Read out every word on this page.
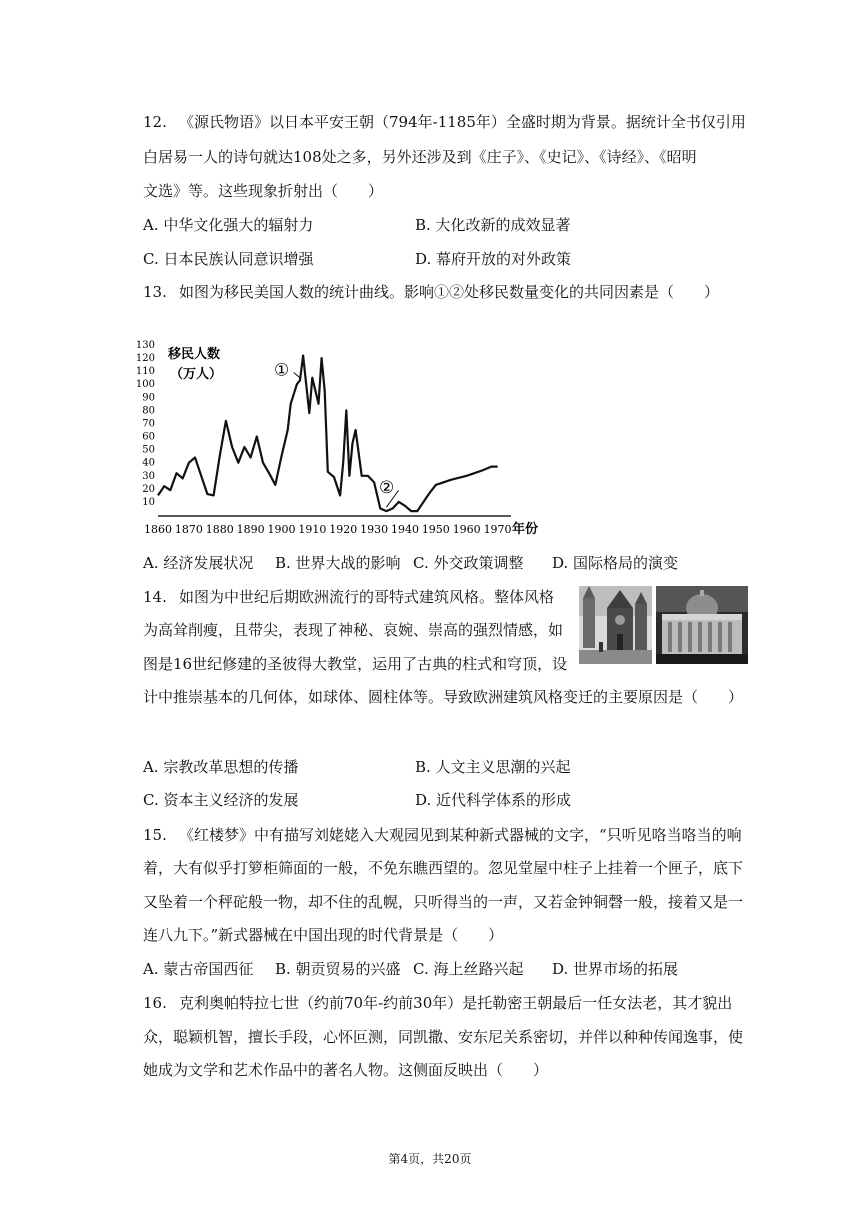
12. 《源氏物语》以日本平安王朝（794年-1185年）全盛时期为背景。据统计全书仅引用
白居易一人的诗句就达108处之多，另外还涉及到《庄子》、《史记》、《诗经》、《昭明
文选》等。这些现象折射出（　　）
A. 中华文化强大的辐射力	B. 大化改新的成效显著
C. 日本民族认同意识增强	D. 幕府开放的对外政策
13. 如图为移民美国人数的统计曲线。影响①②处移民数量变化的共同因素是（　　）
移民人数
（万人）
年份
10
20
30
40
50
60
70
80
90
100
110
120
130
1860 1870 1880 1890 1900 1910 1920 1930 1940 1950 1960 1970
①
②
A. 经济发展状况 B. 世界大战的影响 C. 外交政策调整 D. 国际格局的演变
14. 如图为中世纪后期欧洲流行的哥特式建筑风格。整体风格
为高耸削瘦，且带尖，表现了神秘、哀婉、崇高的强烈情感，如
图是16世纪修建的圣彼得大教堂，运用了古典的柱式和穹顶，设
计中推崇基本的几何体，如球体、圆柱体等。导致欧洲建筑风格变迁的主要原因是（　　）
A. 宗教改革思想的传播	B. 人文主义思潮的兴起
C. 资本主义经济的发展	D. 近代科学体系的形成
15. 《红楼梦》中有描写刘姥姥入大观园见到某种新式器械的文字，“只听见咯当咯当的响
着，大有似乎打箩柜筛面的一般，不免东瞧西望的。忽见堂屋中柱子上挂着一个匣子，底下
又坠着一个秤砣般一物，却不住的乱幌，只听得当的一声，又若金钟铜磬一般，接着又是一
连八九下。”新式器械在中国出现的时代背景是（　　）
A. 蒙古帝国西征 B. 朝贡贸易的兴盛 C. 海上丝路兴起 D. 世界市场的拓展
16. 克利奥帕特拉七世（约前70年-约前30年）是托勒密王朝最后一任女法老，其才貌出
众，聪颖机智，擅长手段，心怀叵测，同凯撒、安东尼关系密切，并伴以种种传闻逸事，使
她成为文学和艺术作品中的著名人物。这侧面反映出（　　）
第4页，共20页
